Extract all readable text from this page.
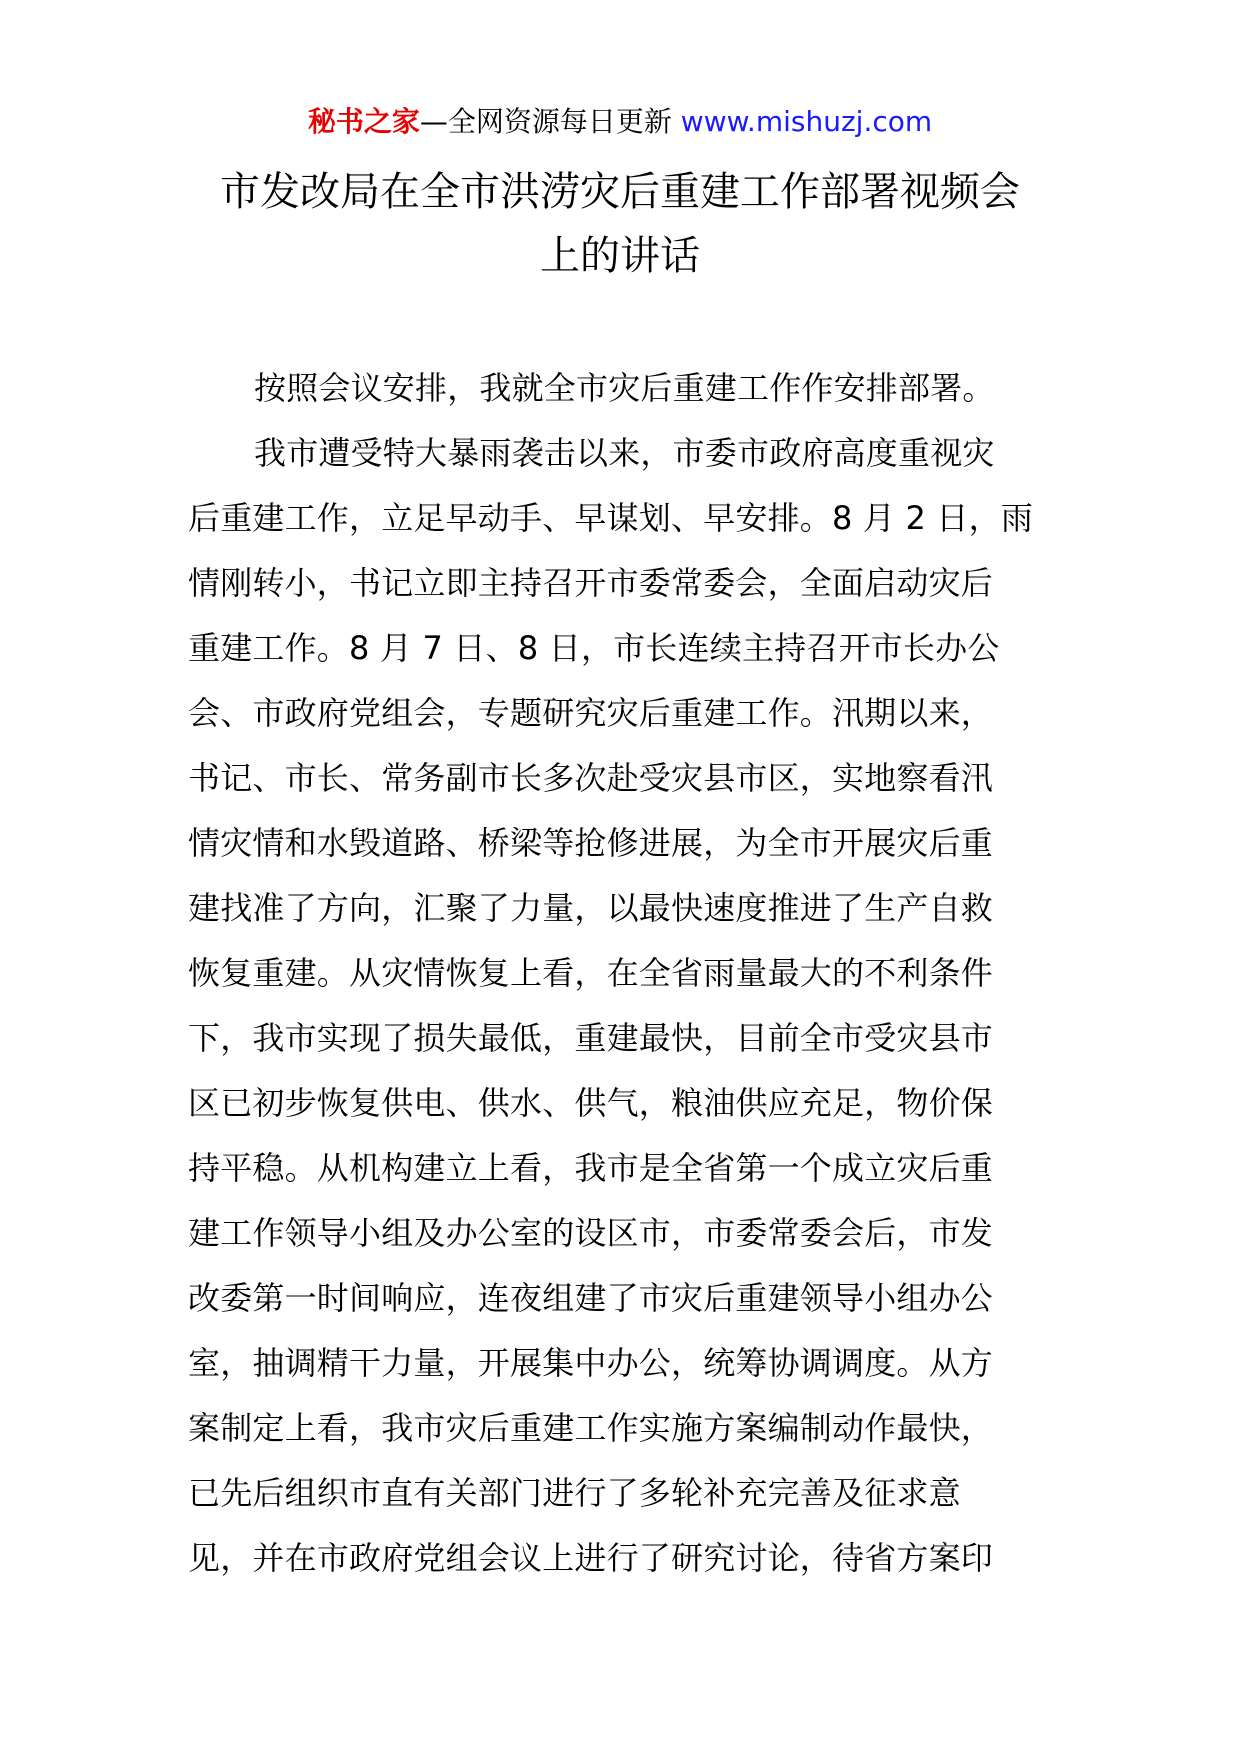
秘书之家—全网资源每日更新 www.mishuzj.com
市发改局在全市洪涝灾后重建工作部署视频会
上的讲话

按照会议安排，我就全市灾后重建工作作安排部署。

我市遭受特大暴雨袭击以来，市委市政府高度重视灾
后重建工作，立足早动手、早谋划、早安排。8 月 2 日，雨
情刚转小，书记立即主持召开市委常委会，全面启动灾后
重建工作。8 月 7 日、8 日，市长连续主持召开市长办公
会、市政府党组会，专题研究灾后重建工作。汛期以来，
书记、市长、常务副市长多次赴受灾县市区，实地察看汛
情灾情和水毁道路、桥梁等抢修进展，为全市开展灾后重
建找准了方向，汇聚了力量，以最快速度推进了生产自救
恢复重建。从灾情恢复上看，在全省雨量最大的不利条件
下，我市实现了损失最低，重建最快，目前全市受灾县市
区已初步恢复供电、供水、供气，粮油供应充足，物价保
持平稳。从机构建立上看，我市是全省第一个成立灾后重
建工作领导小组及办公室的设区市，市委常委会后，市发
改委第一时间响应，连夜组建了市灾后重建领导小组办公
室，抽调精干力量，开展集中办公，统筹协调调度。从方
案制定上看，我市灾后重建工作实施方案编制动作最快，
已先后组织市直有关部门进行了多轮补充完善及征求意
见，并在市政府党组会议上进行了研究讨论，待省方案印
